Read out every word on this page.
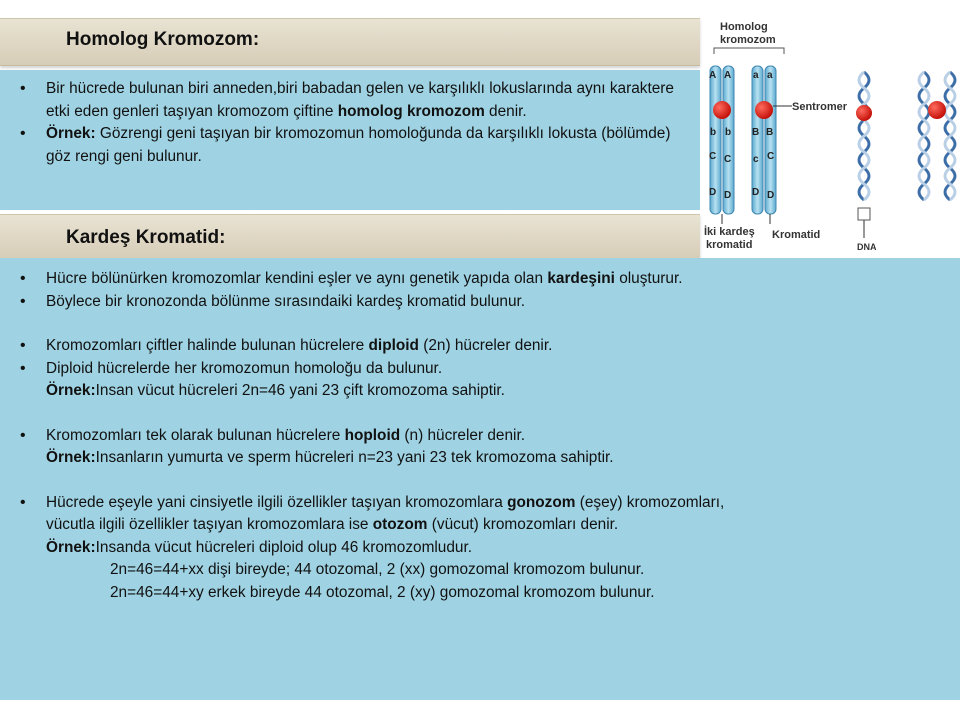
Homolog Kromozom:
• Bir hücrede bulunan biri anneden,biri babadan gelen ve karşılıklı lokuslarında aynı karaktere etki eden genleri taşıyan kromozom çiftine homolog kromozom denir.
• Örnek: Gözrengi geni taşıyan bir kromozomun homoloğunda da karşılıklı lokusta (bölümde) göz rengi geni bulunur.
Kardeş Kromatid:
• Hücre bölünürken kromozomlar kendini eşler ve aynı genetik yapıda olan kardeşini oluşturur.
• Böylece bir kronozonda bölünme sırasındaiki kardeş kromatid bulunur.
• Kromozomları çiftler halinde bulunan hücrelere diploid (2n) hücreler denir.
• Diploid hücrelerde her kromozomun homoloğu da bulunur.
Örnek:Insan vücut hücreleri 2n=46 yani 23 çift kromozoma sahiptir.
• Kromozomları tek olarak bulunan hücrelere hoploid (n) hücreler denir.
Örnek:Insanların yumurta ve sperm hücreleri n=23 yani 23 tek kromozoma sahiptir.
• Hücrede eşeyle yani cinsiyetle ilgili özellikler taşıyan kromozomlara gonozom (eşey) kromozomları,
vücutla ilgili özellikler taşıyan kromozomlara ise otozom (vücut) kromozomları denir.
Örnek:Insanda vücut hücreleri diploid olup 46 kromozomludur.
2n=46=44+xx dişi bireyde; 44 otozomal, 2 (xx) gomozomal kromozom bulunur.
2n=46=44+xy erkek bireyde 44 otozomal, 2 (xy) gomozomal kromozom bulunur.
Homolog
kromozom
A A
b b
C C
D D
a a
B B
c C
D D
Sentromer
İki kardeş
kromatid
Kromatid
DNA
